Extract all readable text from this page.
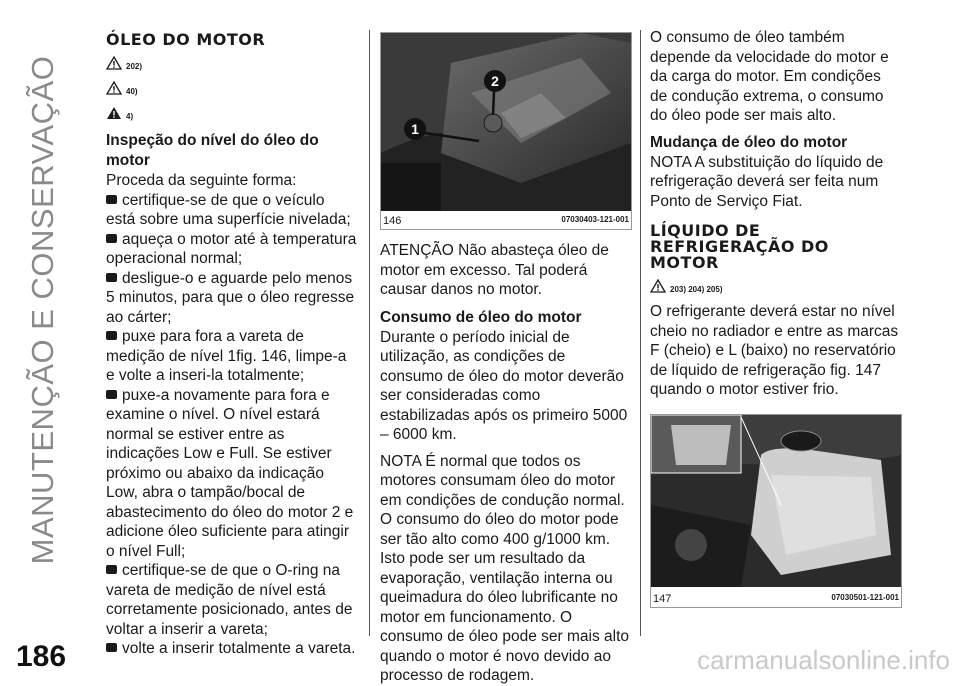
MANUTENÇÃO E CONSERVAÇÃO
186	carmanualsonline.info
ÓLEO DO MOTOR
202)
40)
4)
Inspeção do nível do óleo do motor

Proceda da seguinte forma:

certifique-se de que o veículo está sobre uma superfície nivelada;

aqueça o motor até à temperatura operacional normal;

desligue-o e aguarde pelo menos 5 minutos, para que o óleo regresse ao cárter;

puxe para fora a vareta de medição de nível 1fig. 146, limpe-a e volte a inseri-la totalmente;

puxe-a novamente para fora e examine o nível. O nível estará normal se estiver entre as indicações Low e Full. Se estiver próximo ou abaixo da indicação Low, abra o tampão/bocal de abastecimento do óleo do motor 2 e adicione óleo suficiente para atingir o nível Full;

certifique-se de que o O-ring na vareta de medição de nível está corretamente posicionado, antes de voltar a inserir a vareta;

volte a inserir totalmente a vareta.

1
2
146	07030403-121-001

ATENÇÃO Não abasteça óleo de motor em excesso. Tal poderá causar danos no motor.

Consumo de óleo do motor

Durante o período inicial de utilização, as condições de consumo de óleo do motor deverão ser consideradas como estabilizadas após os primeiro 5000 – 6000 km.

NOTA É normal que todos os motores consumam óleo do motor em condições de condução normal. O consumo do óleo do motor pode ser tão alto como 400 g/1000 km. Isto pode ser um resultado da evaporação, ventilação interna ou queimadura do óleo lubrificante no motor em funcionamento. O consumo de óleo pode ser mais alto quando o motor é novo devido ao processo de rodagem.

O consumo de óleo também depende da velocidade do motor e da carga do motor. Em condições de condução extrema, o consumo do óleo pode ser mais alto.

Mudança de óleo do motor

NOTA A substituição do líquido de refrigeração deverá ser feita num Ponto de Serviço Fiat.

LÍQUIDO DE REFRIGERAÇÃO DO MOTOR
203) 204) 205)

O refrigerante deverá estar no nível cheio no radiador e entre as marcas F (cheio) e L (baixo) no reservatório de líquido de refrigeração fig. 147 quando o motor estiver frio.

147	07030501-121-001
